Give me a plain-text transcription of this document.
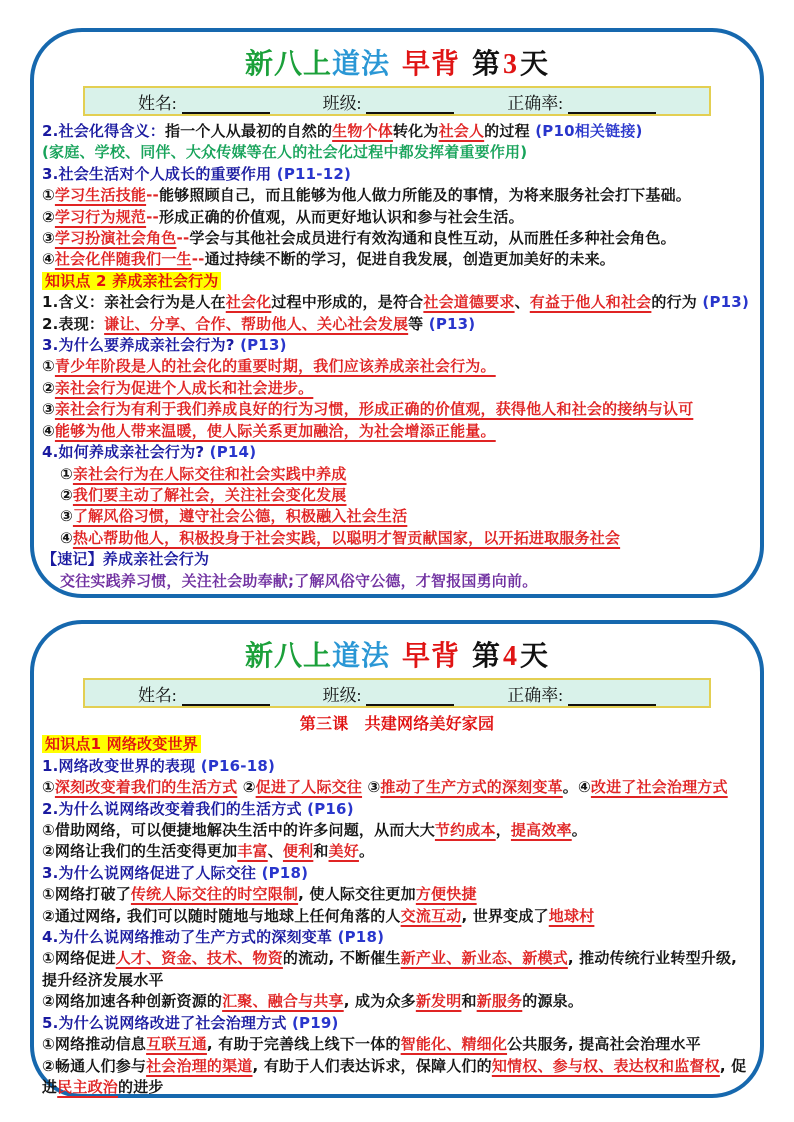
新八上道法 早背 第3天
姓名:	班级:	正确率:
2.社会化得含义：指一个人从最初的自然的生物个体转化为社会人的过程 (P10相关链接)
(家庭、学校、同伴、大众传媒等在人的社会化过程中都发挥着重要作用)
3.社会生活对个人成长的重要作用 (P11-12)
①学习生活技能--能够照顾自己，而且能够为他人做力所能及的事情，为将来服务社会打下基础。
②学习行为规范--形成正确的价值观，从而更好地认识和参与社会生活。
③学习扮演社会角色--学会与其他社会成员进行有效沟通和良性互动，从而胜任多种社会角色。
④社会化伴随我们一生--通过持续不断的学习，促进自我发展，创造更加美好的未来。
知识点 2 养成亲社会行为
1.含义：亲社会行为是人在社会化过程中形成的，是符合社会道德要求、有益于他人和社会的行为 (P13)
2.表现：谦让、分享、合作、帮助他人、关心社会发展等 (P13)
3.为什么要养成亲社会行为? (P13)
①青少年阶段是人的社会化的重要时期，我们应该养成亲社会行为。
②亲社会行为促进个人成长和社会进步。
③亲社会行为有利于我们养成良好的行为习惯，形成正确的价值观，获得他人和社会的接纳与认可
④能够为他人带来温暖，使人际关系更加融洽，为社会增添正能量。
4.如何养成亲社会行为? (P14)
①亲社会行为在人际交往和社会实践中养成
②我们要主动了解社会，关注社会变化发展
③了解风俗习惯，遵守社会公德，积极融入社会生活
④热心帮助他人，积极投身于社会实践，以聪明才智贡献国家，以开拓进取服务社会
【速记】养成亲社会行为
交往实践养习惯，关注社会助奉献;了解风俗守公德，才智报国勇向前。
新八上道法 早背 第4天
姓名:	班级:	正确率:
第三课　共建网络美好家园
知识点1 网络改变世界
1.网络改变世界的表现 (P16-18)
①深刻改变着我们的生活方式 ②促进了人际交往 ③推动了生产方式的深刻变革。④改进了社会治理方式
2.为什么说网络改变着我们的生活方式 (P16)
①借助网络，可以便捷地解决生活中的许多问题，从而大大节约成本，提高效率。
②网络让我们的生活变得更加丰富、便利和美好。
3.为什么说网络促进了人际交往 (P18)
①网络打破了传统人际交往的时空限制, 使人际交往更加方便快捷
②通过网络, 我们可以随时随地与地球上任何角落的人交流互动, 世界变成了地球村
4.为什么说网络推动了生产方式的深刻变革 (P18)
①网络促进人才、资金、技术、物资的流动, 不断催生新产业、新业态、新模式, 推动传统行业转型升级, 提升经济发展水平
②网络加速各种创新资源的汇聚、融合与共享, 成为众多新发明和新服务的源泉。
5.为什么说网络改进了社会治理方式 (P19)
①网络推动信息互联互通, 有助于完善线上线下一体的智能化、精细化公共服务, 提高社会治理水平
②畅通人们参与社会治理的渠道, 有助于人们表达诉求，保障人们的知情权、参与权、表达权和监督权, 促进民主政治的进步
